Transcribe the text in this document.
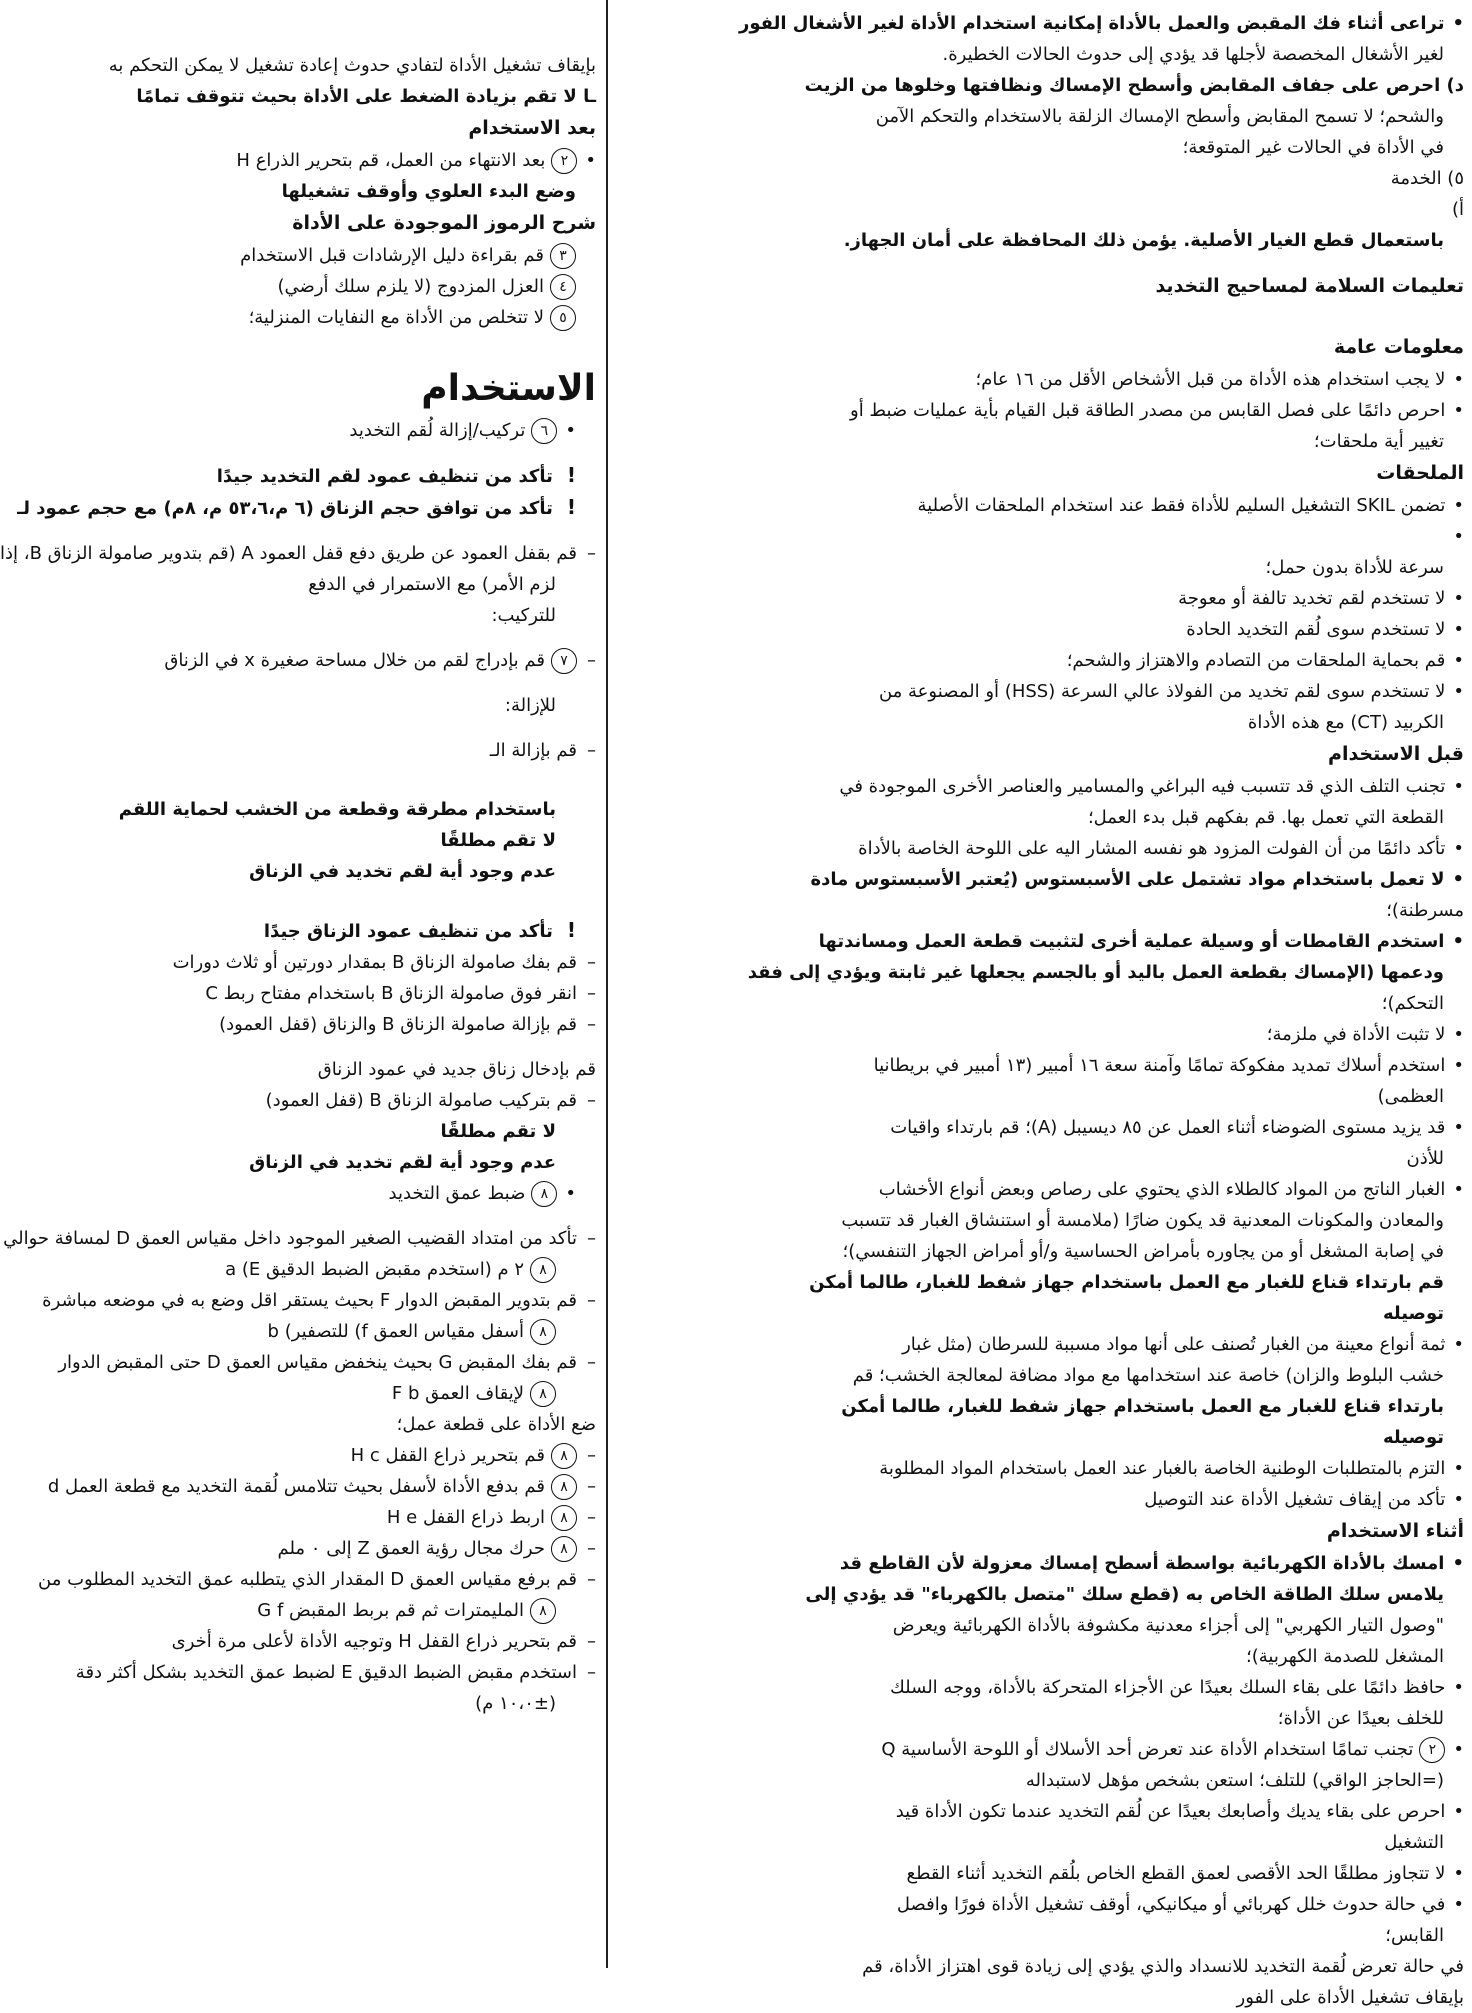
• تراعى أثناء فك المقبض والعمل بالأداة إمكانية استخدام الأداة لغير الأشغال الفور
لغير الأشغال المخصصة لأجلها قد يؤدي إلى حدوث الحالات الخطيرة.
د) احرص على جفاف المقابض وأسطح الإمساك ونظافتها وخلوها من الزيت
والشحم؛ لا تسمح المقابض وأسطح الإمساك الزلقة بالاستخدام والتحكم الآمن
في الأداة في الحالات غير المتوقعة؛
٥) الخدمة
أ)
باستعمال قطع الغيار الأصلية. يؤمن ذلك المحافظة على أمان الجهاز.
تعليمات السلامة لمساحيج التخديد
معلومات عامة
• لا يجب استخدام هذه الأداة من قبل الأشخاص الأقل من ١٦ عام؛
• احرص دائمًا على فصل القابس من مصدر الطاقة قبل القيام بأية عمليات ضبط أو
تغيير أية ملحقات؛
الملحقات
• تضمن SKIL التشغيل السليم للأداة فقط عند استخدام الملحقات الأصلية
•
سرعة للأداة بدون حمل؛
• لا تستخدم لقم تخديد تالفة أو معوجة
• لا تستخدم سوى لُقم التخديد الحادة
• قم بحماية الملحقات من التصادم والاهتزاز والشحم؛
• لا تستخدم سوى لقم تخديد من الفولاذ عالي السرعة (HSS) أو المصنوعة من
الكربيد (CT) مع هذه الأداة
قبل الاستخدام
• تجنب التلف الذي قد تتسبب فيه البراغي والمسامير والعناصر الأخرى الموجودة في
القطعة التي تعمل بها. قم بفكهم قبل بدء العمل؛
• تأكد دائمًا من أن الفولت المزود هو نفسه المشار اليه على اللوحة الخاصة بالأداة
• لا تعمل باستخدام مواد تشتمل على الأسبستوس (يُعتبر الأسبستوس مادة
مسرطنة)؛
• استخدم القامطات أو وسيلة عملية أخرى لتثبيت قطعة العمل ومساندتها
ودعمها (الإمساك بقطعة العمل باليد أو بالجسم يجعلها غير ثابتة ويؤدي إلى فقد
التحكم)؛
• لا تثبت الأداة في ملزمة؛
• استخدم أسلاك تمديد مفكوكة تمامًا وآمنة سعة ١٦ أمبير (١٣ أمبير في بريطانيا
العظمى)
• قد يزيد مستوى الضوضاء أثناء العمل عن ٨٥ ديسيبل (A)؛ قم بارتداء واقيات
للأذن
• الغبار الناتج من المواد كالطلاء الذي يحتوي على رصاص وبعض أنواع الأخشاب
والمعادن والمكونات المعدنية قد يكون ضارًا (ملامسة أو استنشاق الغبار قد تتسبب
في إصابة المشغل أو من يجاوره بأمراض الحساسية و/أو أمراض الجهاز التنفسي)؛
قم بارتداء قناع للغبار مع العمل باستخدام جهاز شفط للغبار، طالما أمكن
توصيله
• ثمة أنواع معينة من الغبار تُصنف على أنها مواد مسببة للسرطان (مثل غبار
خشب البلوط والزان) خاصة عند استخدامها مع مواد مضافة لمعالجة الخشب؛ قم
بارتداء قناع للغبار مع العمل باستخدام جهاز شفط للغبار، طالما أمكن
توصيله
• التزم بالمتطلبات الوطنية الخاصة بالغبار عند العمل باستخدام المواد المطلوبة
• تأكد من إيقاف تشغيل الأداة عند التوصيل
أثناء الاستخدام
• امسك بالأداة الكهربائية بواسطة أسطح إمساك معزولة لأن القاطع قد
يلامس سلك الطاقة الخاص به (قطع سلك "متصل بالكهرباء" قد يؤدي إلى
"وصول التيار الكهربي" إلى أجزاء معدنية مكشوفة بالأداة الكهربائية ويعرض
المشغل للصدمة الكهربية)؛
• حافظ دائمًا على بقاء السلك بعيدًا عن الأجزاء المتحركة بالأداة، ووجه السلك
للخلف بعيدًا عن الأداة؛
• ٢تجنب تمامًا استخدام الأداة عند تعرض أحد الأسلاك أو اللوحة الأساسية Q
(=الحاجز الواقي) للتلف؛ استعن بشخص مؤهل لاستبداله
• احرص على بقاء يديك وأصابعك بعيدًا عن لُقم التخديد عندما تكون الأداة قيد
التشغيل
• لا تتجاوز مطلقًا الحد الأقصى لعمق القطع الخاص بلُقم التخديد أثناء القطع
• في حالة حدوث خلل كهربائي أو ميكانيكي، أوقف تشغيل الأداة فورًا وافصل
القابس؛
في حالة تعرض لُقمة التخديد للانسداد والذي يؤدي إلى زيادة قوى اهتزاز الأداة، قم
بإيقاف تشغيل الأداة على الفور
بإيقاف تشغيل الأداة لتفادي حدوث إعادة تشغيل لا يمكن التحكم به
ـا لا تقم بزيادة الضغط على الأداة بحيث تتوقف تمامًا
بعد الاستخدام
• ٢بعد الانتهاء من العمل، قم بتحرير الذراع H
وضع البدء العلوي وأوقف تشغيلها
شرح الرموز الموجودة على الأداة
٣قم بقراءة دليل الإرشادات قبل الاستخدام
٤العزل المزدوج (لا يلزم سلك أرضي)
٥لا تتخلص من الأداة مع النفايات المنزلية؛
الاستخدام
• ٦تركيب/إزالة لُقم التخديد
! تأكد من تنظيف عمود لقم التخديد جيدًا
! تأكد من توافق حجم الزناق (٦ م،٥٣،٦ م، ٨م) مع حجم عمود لـ
– قم بقفل العمود عن طريق دفع قفل العمود A (قم بتدوير صامولة الزناق B، إذا
لزم الأمر) مع الاستمرار في الدفع
للتركيب:
– ٧قم بإدراج لقم من خلال مساحة صغيرة x في الزناق
للإزالة:
– قم بإزالة الـ
باستخدام مطرقة وقطعة من الخشب لحماية اللقم
لا تقم مطلقًا
عدم وجود أية لقم تخديد في الزناق
! تأكد من تنظيف عمود الزناق جيدًا
– قم بفك صامولة الزناق B بمقدار دورتين أو ثلاث دورات
– انقر فوق صامولة الزناق B باستخدام مفتاح ربط C
– قم بإزالة صامولة الزناق B والزناق (قفل العمود)
قم بإدخال زناق جديد في عمود الزناق
– قم بتركيب صامولة الزناق B (قفل العمود)
لا تقم مطلقًا
عدم وجود أية لقم تخديد في الزناق
• ٨ضبط عمق التخديد
– تأكد من امتداد القضيب الصغير الموجود داخل مقياس العمق D لمسافة حوالي
٨٢ م (استخدم مقبض الضبط الدقيق E) a
– قم بتدوير المقبض الدوار F بحيث يستقر اقل وضع به في موضعه مباشرة
٨أسفل مقياس العمق f) للتصفير) b
– قم بفك المقبض G بحيث ينخفض مقياس العمق D حتى المقبض الدوار
٨لإيقاف العمق F b
ضع الأداة على قطعة عمل؛
– ٨قم بتحرير ذراع القفل H c
– ٨قم بدفع الأداة لأسفل بحيث تتلامس لُقمة التخديد مع قطعة العمل d
– ٨اربط ذراع القفل H e
– ٨حرك مجال رؤية العمق Z إلى ٠ ملم
– قم برفع مقياس العمق D المقدار الذي يتطلبه عمق التخديد المطلوب من
٨المليمترات ثم قم بربط المقبض G f
– قم بتحرير ذراع القفل H وتوجيه الأداة لأعلى مرة أخرى
– استخدم مقبض الضبط الدقيق E لضبط عمق التخديد بشكل أكثر دقة
(±١٠،٠ م)
